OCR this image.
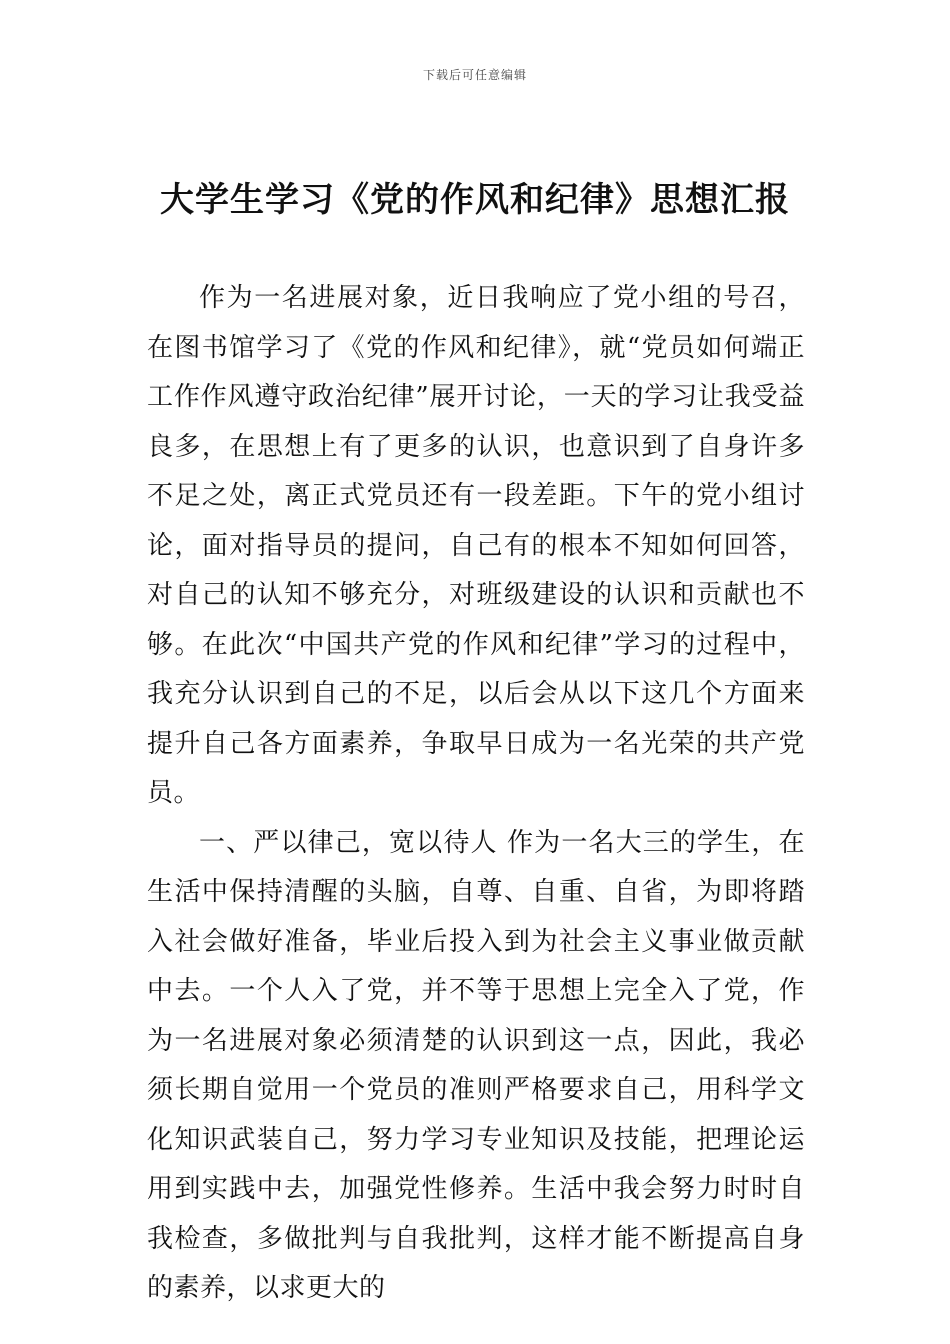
下载后可任意编辑
大学生学习《党的作风和纪律》思想汇报

作为一名进展对象，近日我响应了党小组的号召，在图书馆学习了《党的作风和纪律》，就“党员如何端正工作作风遵守政治纪律”展开讨论，一天的学习让我受益良多，在思想上有了更多的认识，也意识到了自身许多不足之处，离正式党员还有一段差距。下午的党小组讨论，面对指导员的提问，自己有的根本不知如何回答，对自己的认知不够充分，对班级建设的认识和贡献也不够。在此次“中国共产党的作风和纪律”学习的过程中，我充分认识到自己的不足，以后会从以下这几个方面来提升自己各方面素养，争取早日成为一名光荣的共产党员。

一、严以律己，宽以待人 作为一名大三的学生，在生活中保持清醒的头脑，自尊、自重、自省，为即将踏入社会做好准备，毕业后投入到为社会主义事业做贡献中去。一个人入了党，并不等于思想上完全入了党，作为一名进展对象必须清楚的认识到这一点，因此，我必须长期自觉用一个党员的准则严格要求自己，用科学文化知识武装自己，努力学习专业知识及技能，把理论运用到实践中去，加强党性修养。生活中我会努力时时自我检查，多做批判与自我批判，这样才能不断提高自身的素养，以求更大的
